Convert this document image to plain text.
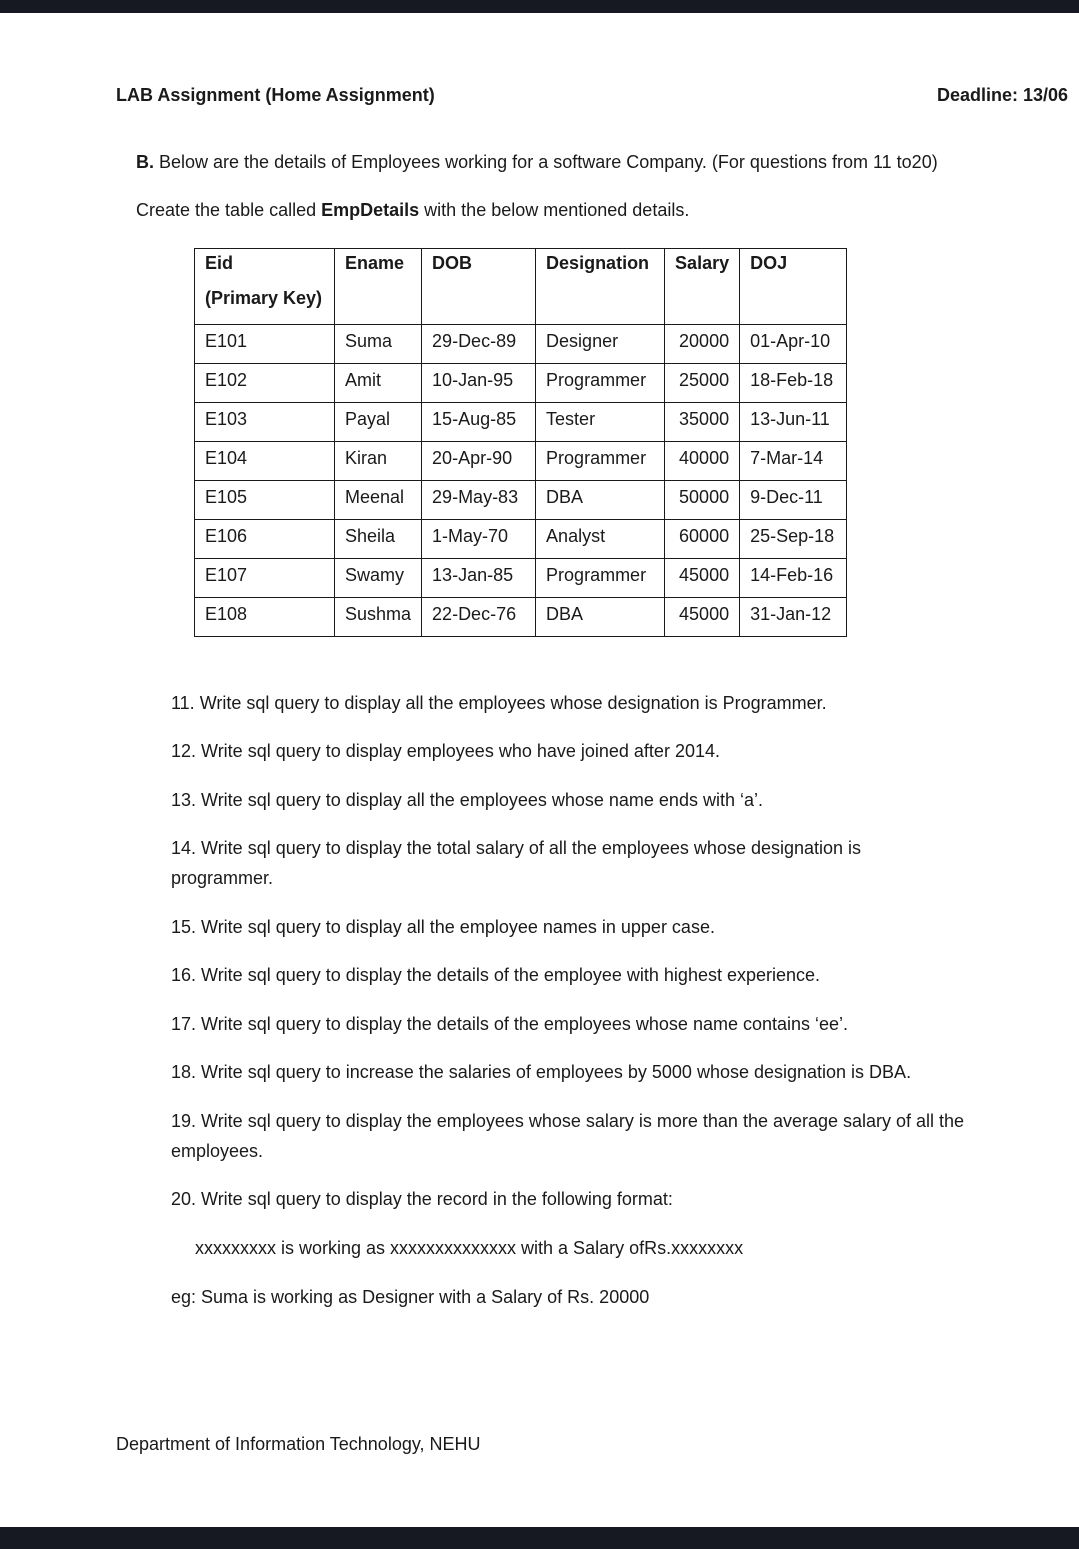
LAB Assignment (Home Assignment)	Deadline: 13/06
B. Below are the details of Employees working for a software Company. (For questions from 11 to20)
Create the table called EmpDetails with the below mentioned details.
Eid
(Primary Key)	Ename	DOB	Designation	Salary	DOJ
E101	Suma	29-Dec-89	Designer	20000	01-Apr-10
E102	Amit	10-Jan-95	Programmer	25000	18-Feb-18
E103	Payal	15-Aug-85	Tester	35000	13-Jun-11
E104	Kiran	20-Apr-90	Programmer	40000	7-Mar-14
E105	Meenal	29-May-83	DBA	50000	9-Dec-11
E106	Sheila	1-May-70	Analyst	60000	25-Sep-18
E107	Swamy	13-Jan-85	Programmer	45000	14-Feb-16
E108	Sushma	22-Dec-76	DBA	45000	31-Jan-12
11. Write sql query to display all the employees whose designation is Programmer.
12. Write sql query to display employees who have joined after 2014.
13. Write sql query to display all the employees whose name ends with ‘a’.
14. Write sql query to display the total salary of all the employees whose designation is programmer.
15. Write sql query to display all the employee names in upper case.
16. Write sql query to display the details of the employee with highest experience.
17. Write sql query to display the details of the employees whose name contains ‘ee’.
18. Write sql query to increase the salaries of employees by 5000 whose designation is DBA.
19. Write sql query to display the employees whose salary is more than the average salary of all the employees.
20. Write sql query to display the record in the following format:
xxxxxxxxx is working as xxxxxxxxxxxxxx with a Salary ofRs.xxxxxxxx
eg: Suma is working as Designer with a Salary of Rs. 20000
Department of Information Technology, NEHU
